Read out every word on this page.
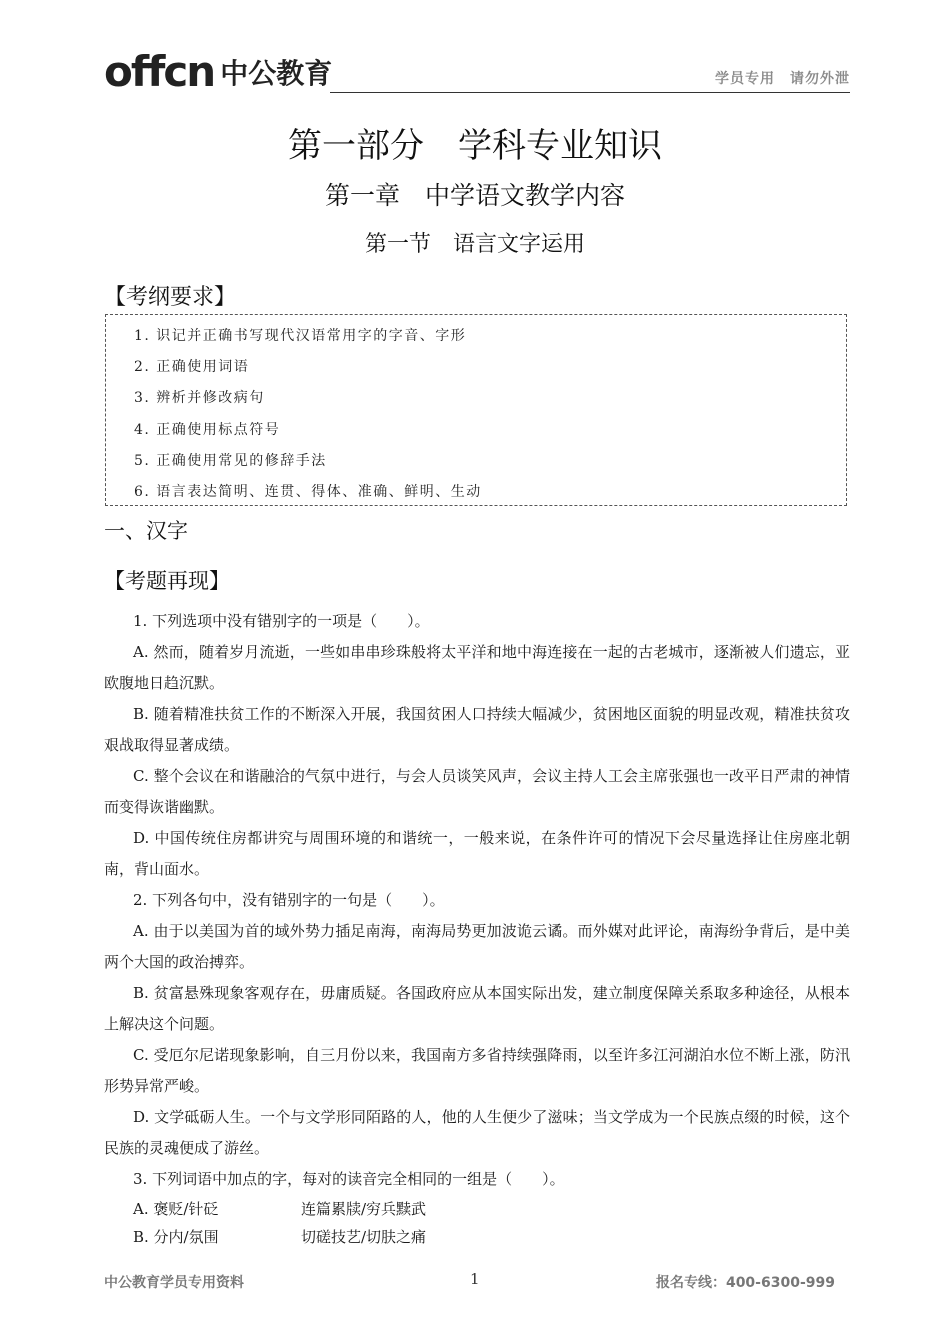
offcn 中公教育	学员专用　请勿外泄
第一部分　学科专业知识
第一章　中学语文教学内容
第一节　语言文字运用
【考纲要求】
1. 识记并正确书写现代汉语常用字的字音、字形
2. 正确使用词语
3. 辨析并修改病句
4. 正确使用标点符号
5. 正确使用常见的修辞手法
6. 语言表达简明、连贯、得体、准确、鲜明、生动
一、汉字
【考题再现】

1. 下列选项中没有错别字的一项是（　　）。

A. 然而，随着岁月流逝，一些如串串珍珠般将太平洋和地中海连接在一起的古老城市，逐渐被人们遗忘，亚欧腹地日趋沉默。

B. 随着精准扶贫工作的不断深入开展，我国贫困人口持续大幅减少，贫困地区面貌的明显改观，精准扶贫攻艰战取得显著成绩。

C. 整个会议在和谐融洽的气氛中进行，与会人员谈笑风声，会议主持人工会主席张强也一改平日严肃的神情而变得诙谐幽默。

D. 中国传统住房都讲究与周围环境的和谐统一，一般来说，在条件许可的情况下会尽量选择让住房座北朝南，背山面水。

2. 下列各句中，没有错别字的一句是（　　）。

A. 由于以美国为首的域外势力插足南海，南海局势更加波诡云谲。而外媒对此评论，南海纷争背后，是中美两个大国的政治搏弈。

B. 贫富悬殊现象客观存在，毋庸质疑。各国政府应从本国实际出发，建立制度保障关系取多种途径，从根本上解决这个问题。

C. 受厄尔尼诺现象影响，自三月份以来，我国南方多省持续强降雨，以至许多江河湖泊水位不断上涨，防汛形势异常严峻。

D. 文学砥砺人生。一个与文学形同陌路的人，他的人生便少了滋味；当文学成为一个民族点缀的时候，这个民族的灵魂便成了游丝。

3. 下列词语中加点的字，每对的读音完全相同的一组是（　　）。

A. 褒贬/针砭	连篇累牍/穷兵黩武
B. 分内/氛围	切磋技艺/切肤之痛
中公教育学员专用资料	1	报名专线：400-6300-999
